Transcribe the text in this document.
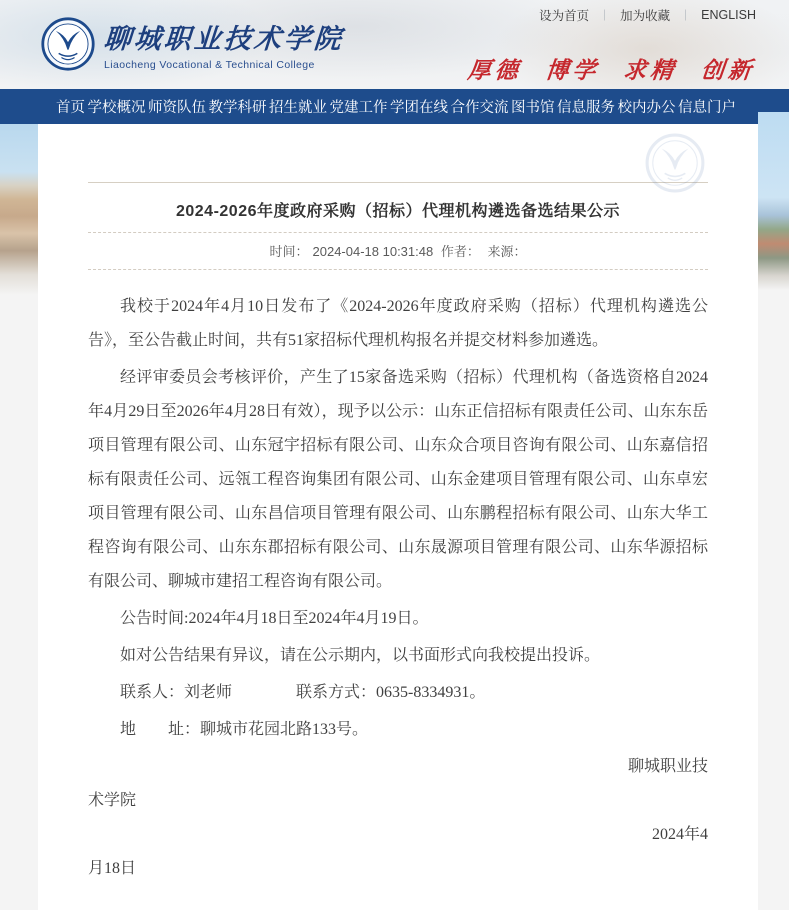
聊城职业技术学院
Liaocheng Vocational & Technical College
设为首页 ｜ 加为收藏 ｜ ENGLISH
厚德 博学 求精 创新
首页 学校概况 师资队伍 教学科研 招生就业 党建工作 学团在线 合作交流 图书馆 信息服务 校内办公 信息门户
2024-2026年度政府采购（招标）代理机构遴选备选结果公示
时间： 2024-04-18 10:31:48 作者： 来源：

我校于2024年4月10日发布了《2024-2026年度政府采购（招标）代理机构遴选公告》，至公告截止时间，共有51家招标代理机构报名并提交材料参加遴选。

经评审委员会考核评价，产生了15家备选采购（招标）代理机构（备选资格自2024年4月29日至2026年4月28日有效），现予以公示：山东正信招标有限责任公司、山东东岳项目管理有限公司、山东冠宇招标有限公司、山东众合项目咨询有限公司、山东嘉信招标有限责任公司、远瓴工程咨询集团有限公司、山东金建项目管理有限公司、山东卓宏项目管理有限公司、山东昌信项目管理有限公司、山东鹏程招标有限公司、山东大华工程咨询有限公司、山东东郡招标有限公司、山东晟源项目管理有限公司、山东华源招标有限公司、聊城市建招工程咨询有限公司。

公告时间:2024年4月18日至2024年4月19日。

如对公告结果有异议，请在公示期内，以书面形式向我校提出投诉。

联系人：刘老师　　　　联系方式：0635-8334931。

地　　址：聊城市花园北路133号。

聊城职业技
术学院
2024年4
月18日
